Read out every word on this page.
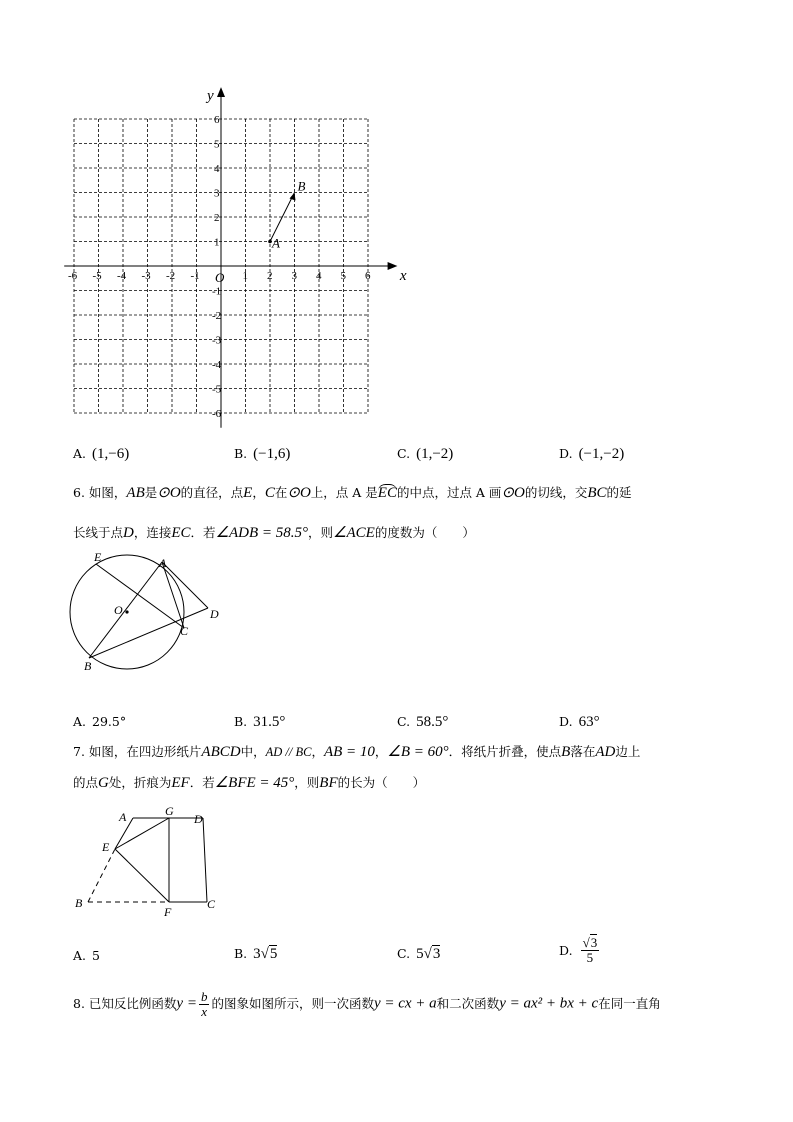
x
y
O
-6 -5 -4 -3 -2 -1	1 2 3 4 5 6
6
5
4
3
2
1
-1
-2
-3
-4
-5
-6
A
B
A. (1,−6)	B. (−1,6)	C. (1,−2)	D. (−1,−2)
6. 如图，AB是⊙O的直径，点E，C在⊙O上，点 A 是EC的中点，过点 A 画⊙O的切线，交BC的延
长线于点D，连接EC．若∠ADB = 58.5°，则∠ACE的度数为（　　）
E	A
O	D
C
B
A. 29.5°	B. 31.5°	C. 58.5°	D. 63°
7. 如图，在四边形纸片ABCD中，AD // BC，AB = 10，∠B = 60°．将纸片折叠，使点B落在AD边上
的点G处，折痕为EF．若∠BFE = 45°，则BF的长为（　　）
A	G
D
E
B
F
C
A. 5	B. 3√5	C. 5√3	D. $\frac{√3}{5}$
8. 已知反比例函数$y = \frac{b}{x}$ 的图象如图所示，则一次函数y = cx + a和二次函数y = ax² + bx + c在同一直角
